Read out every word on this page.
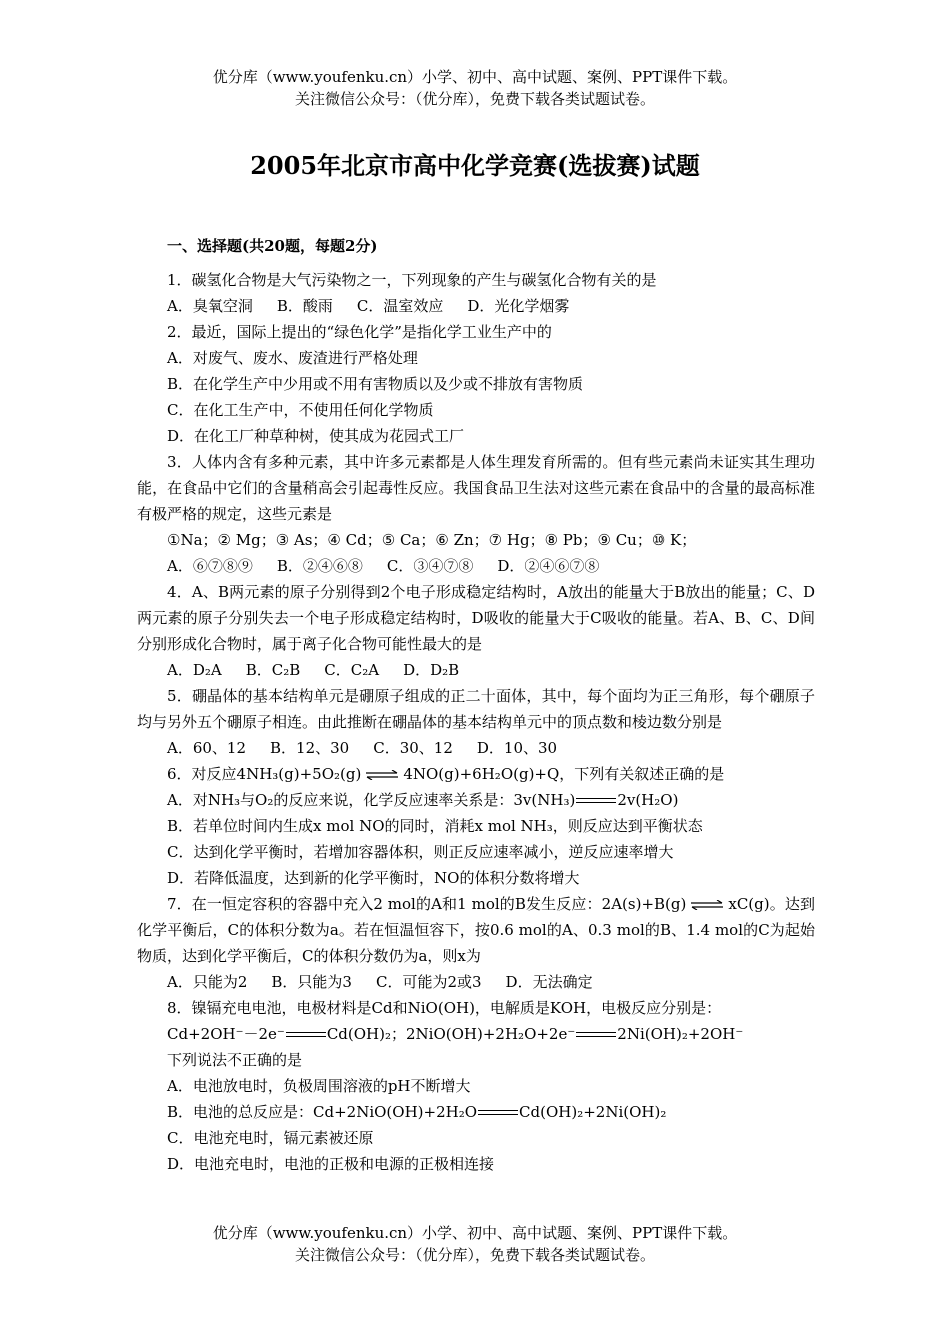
优分库（www.youfenku.cn）小学、初中、高中试题、案例、PPT课件下载。
关注微信公众号：（优分库），免费下载各类试题试卷。
2005年北京市高中化学竞赛(选拔赛)试题
一、选择题(共20题，每题2分)

1．碳氢化合物是大气污染物之一，下列现象的产生与碳氢化合物有关的是

A．臭氧空洞 B．酸雨 C．温室效应 D．光化学烟雾

2．最近，国际上提出的“绿色化学”是指化学工业生产中的

A．对废气、废水、废渣进行严格处理

B．在化学生产中少用或不用有害物质以及少或不排放有害物质

C．在化工生产中，不使用任何化学物质

D．在化工厂种草种树，使其成为花园式工厂

3．人体内含有多种元素，其中许多元素都是人体生理发育所需的。但有些元素尚未证实其生理功能，在食品中它们的含量稍高会引起毒性反应。我国食品卫生法对这些元素在食品中的含量的最高标准有极严格的规定，这些元素是

①Na；② Mg；③ As；④ Cd；⑤ Ca；⑥ Zn；⑦ Hg；⑧ Pb；⑨ Cu；⑩ K；

A．⑥⑦⑧⑨ B．②④⑥⑧ C．③④⑦⑧ D．②④⑥⑦⑧

4．A、B两元素的原子分别得到2个电子形成稳定结构时，A放出的能量大于B放出的能量；C、D两元素的原子分别失去一个电子形成稳定结构时，D吸收的能量大于C吸收的能量。若A、B、C、D间分别形成化合物时，属于离子化合物可能性最大的是

A．D₂A B．C₂B C．C₂A D．D₂B

5．硼晶体的基本结构单元是硼原子组成的正二十面体，其中，每个面均为正三角形，每个硼原子均与另外五个硼原子相连。由此推断在硼晶体的基本结构单元中的顶点数和棱边数分别是

A．60、12 B．12、30 C．30、12 D．10、30

6．对反应4NH₃(g)+5O₂(g) ⇌ 4NO(g)+6H₂O(g)+Q，下列有关叙述正确的是

A．对NH₃与O₂的反应来说，化学反应速率关系是：3v(NH₃)	2v(H₂O)

B．若单位时间内生成x mol NO的同时，消耗x mol NH₃，则反应达到平衡状态

C．达到化学平衡时，若增加容器体积，则正反应速率减小，逆反应速率增大

D．若降低温度，达到新的化学平衡时，NO的体积分数将增大

7．在一恒定容积的容器中充入2 mol的A和1 mol的B发生反应：2A(s)+B(g) ⇌ xC(g)。达到化学平衡后，C的体积分数为a。若在恒温恒容下，按0.6 mol的A、0.3 mol的B、1.4 mol的C为起始物质，达到化学平衡后，C的体积分数仍为a，则x为

A．只能为2 B．只能为3 C．可能为2或3 D．无法确定

8．镍镉充电电池，电极材料是Cd和NiO(OH)，电解质是KOH，电极反应分别是：

Cd+2OH⁻－2e⁻	Cd(OH)₂；2NiO(OH)+2H₂O+2e⁻	2Ni(OH)₂+2OH⁻

下列说法不正确的是

A．电池放电时，负极周围溶液的pH不断增大

B．电池的总反应是：Cd+2NiO(OH)+2H₂O	Cd(OH)₂+2Ni(OH)₂

C．电池充电时，镉元素被还原

D．电池充电时，电池的正极和电源的正极相连接

优分库（www.youfenku.cn）小学、初中、高中试题、案例、PPT课件下载。
关注微信公众号：（优分库），免费下载各类试题试卷。
